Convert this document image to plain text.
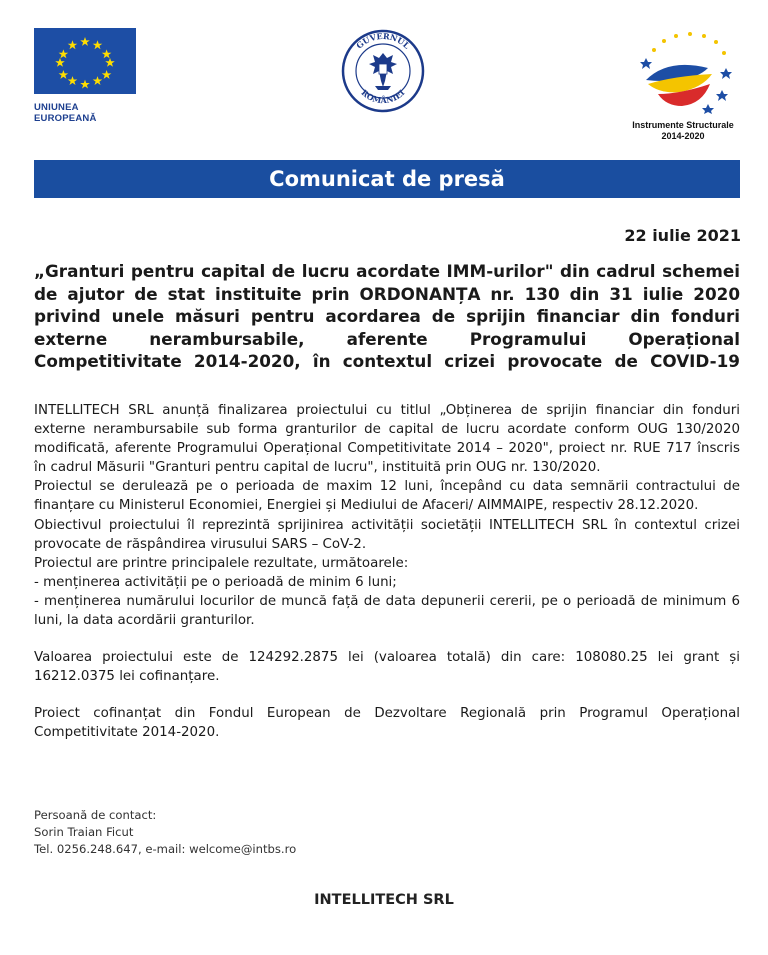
UNIUNEA EUROPEANĂ
GUVERNUL
ROMÂNIEI
Instrumente Structurale
2014-2020
Comunicat de presă
22 iulie 2021
„Granturi pentru capital de lucru acordate IMM-urilor" din cadrul schemei
de ajutor de stat instituite prin ORDONANȚA nr. 130 din 31 iulie 2020
privind unele măsuri pentru acordarea de sprijin financiar din fonduri
externe nerambursabile, aferente Programului Operațional
Competitivitate 2014-2020, în contextul crizei provocate de COVID-19

INTELLITECH SRL anunță finalizarea proiectului cu titlul „Obținerea de sprijin financiar din fonduri externe nerambursabile sub forma granturilor de capital de lucru acordate conform OUG 130/2020 modificată, aferente Programului Operațional Competitivitate 2014 – 2020", proiect nr. RUE 717 înscris în cadrul Măsurii "Granturi pentru capital de lucru", instituită prin OUG nr. 130/2020.

Proiectul se derulează pe o perioada de maxim 12 luni, începând cu data semnării contractului de finanțare cu Ministerul Economiei, Energiei și Mediului de Afaceri/ AIMMAIPE, respectiv 28.12.2020.

Obiectivul proiectului îl reprezintă sprijinirea activității societății INTELLITECH SRL în contextul crizei provocate de răspândirea virusului SARS – CoV-2.

Proiectul are printre principalele rezultate, următoarele:

- menținerea activității pe o perioadă de minim 6 luni;

- menținerea numărului locurilor de muncă față de data depunerii cererii, pe o perioadă de minimum 6 luni, la data acordării granturilor.

Valoarea proiectului este de 124292.2875 lei (valoarea totală) din care: 108080.25 lei grant și 16212.0375 lei cofinanțare.

Proiect cofinanțat din Fondul European de Dezvoltare Regională prin Programul Operațional Competitivitate 2014-2020.

Persoană de contact:
Sorin Traian Ficut
Tel. 0256.248.647, e-mail: welcome@intbs.ro
INTELLITECH SRL
